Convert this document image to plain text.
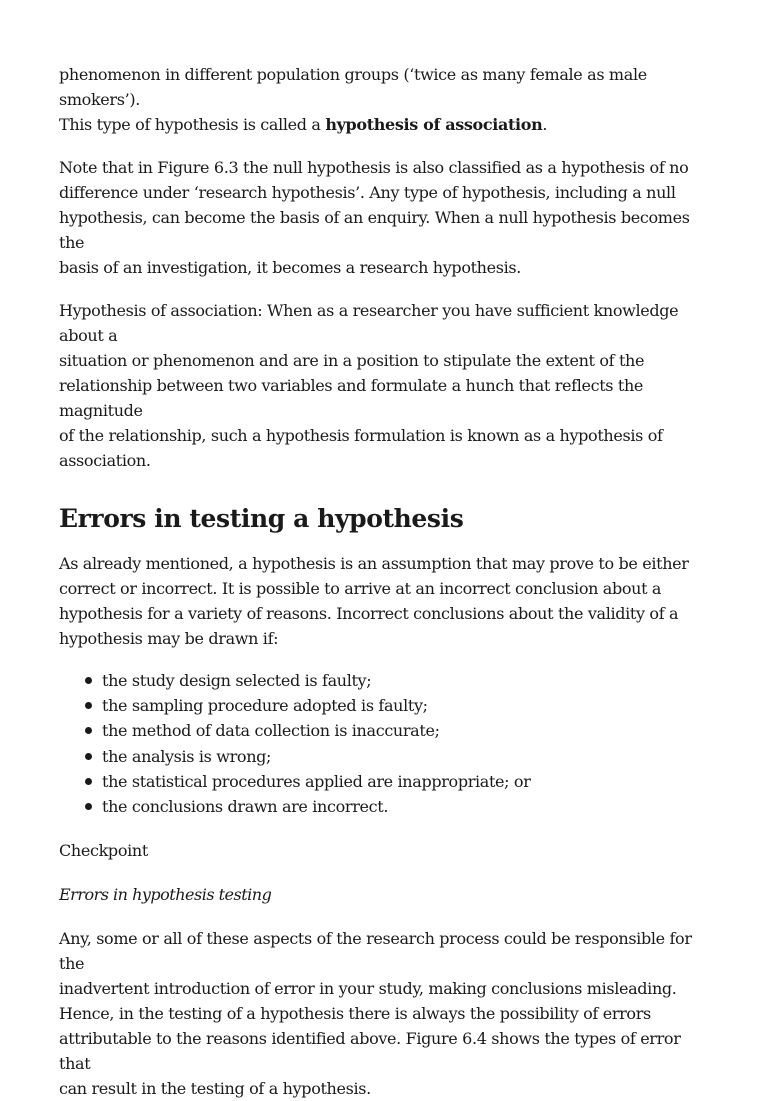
phenomenon in different population groups (‘twice as many female as male smokers’).
This type of hypothesis is called a hypothesis of association.

Note that in Figure 6.3 the null hypothesis is also classified as a hypothesis of no
difference under ‘research hypothesis’. Any type of hypothesis, including a null
hypothesis, can become the basis of an enquiry. When a null hypothesis becomes the
basis of an investigation, it becomes a research hypothesis.

Hypothesis of association: When as a researcher you have sufficient knowledge about a
situation or phenomenon and are in a position to stipulate the extent of the
relationship between two variables and formulate a hunch that reflects the magnitude
of the relationship, such a hypothesis formulation is known as a hypothesis of
association.

Errors in testing a hypothesis

As already mentioned, a hypothesis is an assumption that may prove to be either
correct or incorrect. It is possible to arrive at an incorrect conclusion about a
hypothesis for a variety of reasons. Incorrect conclusions about the validity of a
hypothesis may be drawn if:

the study design selected is faulty;
the sampling procedure adopted is faulty;
the method of data collection is inaccurate;
the analysis is wrong;
the statistical procedures applied are inappropriate; or
the conclusions drawn are incorrect.

Checkpoint

Errors in hypothesis testing

Any, some or all of these aspects of the research process could be responsible for the
inadvertent introduction of error in your study, making conclusions misleading.
Hence, in the testing of a hypothesis there is always the possibility of errors
attributable to the reasons identified above. Figure 6.4 shows the types of error that
can result in the testing of a hypothesis.
